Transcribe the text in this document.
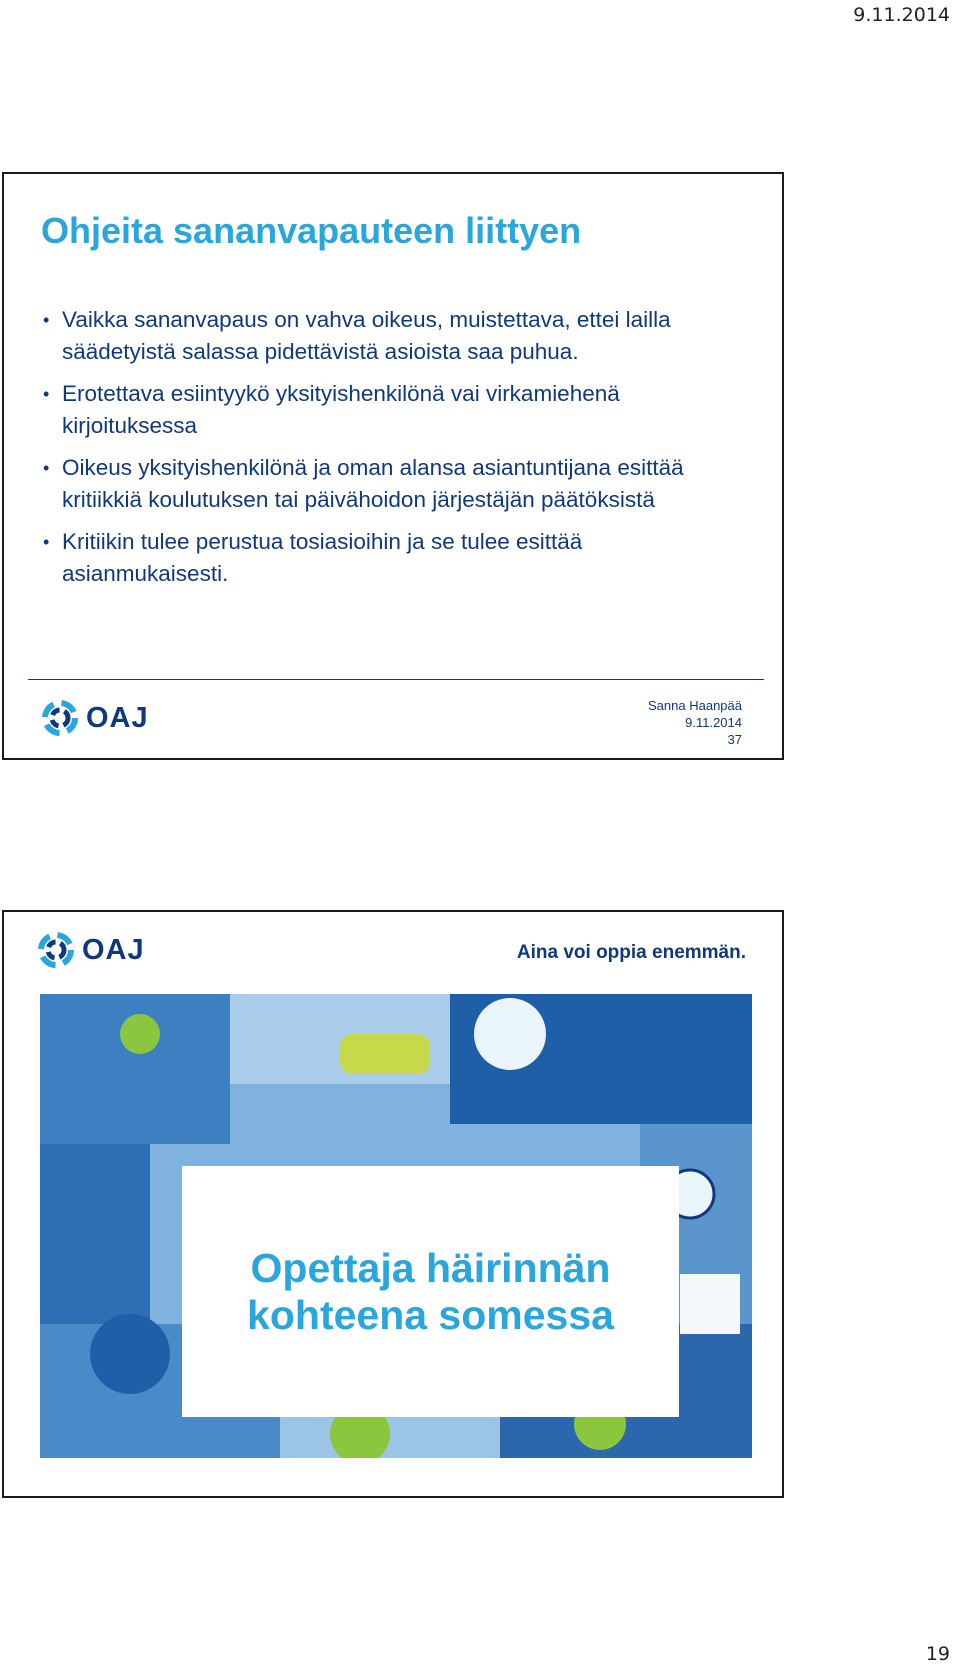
9.11.2014
Ohjeita sananvapauteen liittyen
• Vaikka sananvapaus on vahva oikeus, muistettava, ettei lailla säädetyistä salassa pidettävistä asioista saa puhua.
• Erotettava esiintyykö yksityishenkilönä vai virkamiehenä kirjoituksessa
• Oikeus yksityishenkilönä ja oman alansa asiantuntijana esittää kritiikkiä koulutuksen tai päivähoidon järjestäjän päätöksistä
• Kritiikin tulee perustua tosiasioihin ja se tulee esittää asianmukaisesti.
OAJ	Sanna Haanpää
9.11.2014
37
OAJ	Aina voi oppia enemmän.
Opettaja häirinnän
kohteena somessa
19
